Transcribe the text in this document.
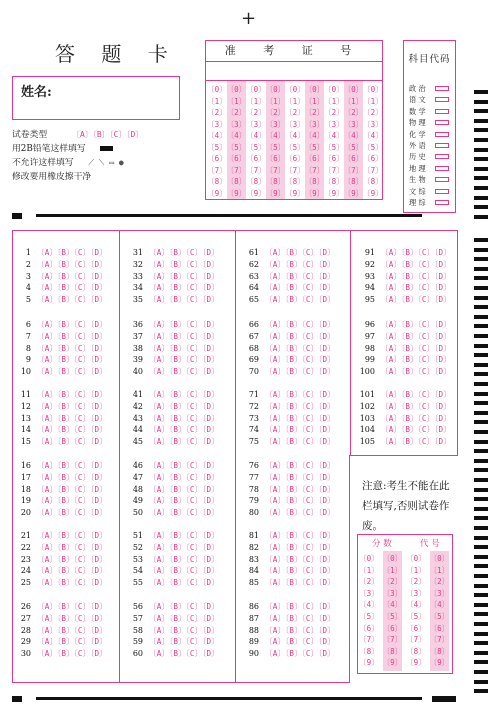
+
答 题 卡
姓名:
准 考 证 号
〔0〕
〔1〕
〔2〕
〔3〕
〔4〕
〔5〕
〔6〕
〔7〕
〔8〕
〔9〕
〔0〕
〔1〕
〔2〕
〔3〕
〔4〕
〔5〕
〔6〕
〔7〕
〔8〕
〔9〕
〔0〕
〔1〕
〔2〕
〔3〕
〔4〕
〔5〕
〔6〕
〔7〕
〔8〕
〔9〕
〔0〕
〔1〕
〔2〕
〔3〕
〔4〕
〔5〕
〔6〕
〔7〕
〔8〕
〔9〕
〔0〕
〔1〕
〔2〕
〔3〕
〔4〕
〔5〕
〔6〕
〔7〕
〔8〕
〔9〕
〔0〕
〔1〕
〔2〕
〔3〕
〔4〕
〔5〕
〔6〕
〔7〕
〔8〕
〔9〕
〔0〕
〔1〕
〔2〕
〔3〕
〔4〕
〔5〕
〔6〕
〔7〕
〔8〕
〔9〕
〔0〕
〔1〕
〔2〕
〔3〕
〔4〕
〔5〕
〔6〕
〔7〕
〔8〕
〔9〕
〔0〕
〔1〕
〔2〕
〔3〕
〔4〕
〔5〕
〔6〕
〔7〕
〔8〕
〔9〕
科目代码
政 治
语 文
数 学
物 理
化 学
外 语
历 史
地 理
生 物
文 综
理 综
试卷类型	〔A〕〔B〕〔C〕〔D〕
用2B铅笔这样填写
不允许这样填写 ⟋ ⟍ ▭ ●
修改要用橡皮擦干净
1 〔A〕〔B〕〔C〕〔D〕
2 〔A〕〔B〕〔C〕〔D〕
3 〔A〕〔B〕〔C〕〔D〕
4 〔A〕〔B〕〔C〕〔D〕
5 〔A〕〔B〕〔C〕〔D〕
6 〔A〕〔B〕〔C〕〔D〕
7 〔A〕〔B〕〔C〕〔D〕
8 〔A〕〔B〕〔C〕〔D〕
9 〔A〕〔B〕〔C〕〔D〕
10 〔A〕〔B〕〔C〕〔D〕
11 〔A〕〔B〕〔C〕〔D〕
12 〔A〕〔B〕〔C〕〔D〕
13 〔A〕〔B〕〔C〕〔D〕
14 〔A〕〔B〕〔C〕〔D〕
15 〔A〕〔B〕〔C〕〔D〕
16 〔A〕〔B〕〔C〕〔D〕
17 〔A〕〔B〕〔C〕〔D〕
18 〔A〕〔B〕〔C〕〔D〕
19 〔A〕〔B〕〔C〕〔D〕
20 〔A〕〔B〕〔C〕〔D〕
21 〔A〕〔B〕〔C〕〔D〕
22 〔A〕〔B〕〔C〕〔D〕
23 〔A〕〔B〕〔C〕〔D〕
24 〔A〕〔B〕〔C〕〔D〕
25 〔A〕〔B〕〔C〕〔D〕
26 〔A〕〔B〕〔C〕〔D〕
27 〔A〕〔B〕〔C〕〔D〕
28 〔A〕〔B〕〔C〕〔D〕
29 〔A〕〔B〕〔C〕〔D〕
30 〔A〕〔B〕〔C〕〔D〕
31 〔A〕〔B〕〔C〕〔D〕
32 〔A〕〔B〕〔C〕〔D〕
33 〔A〕〔B〕〔C〕〔D〕
34 〔A〕〔B〕〔C〕〔D〕
35 〔A〕〔B〕〔C〕〔D〕
36 〔A〕〔B〕〔C〕〔D〕
37 〔A〕〔B〕〔C〕〔D〕
38 〔A〕〔B〕〔C〕〔D〕
39 〔A〕〔B〕〔C〕〔D〕
40 〔A〕〔B〕〔C〕〔D〕
41 〔A〕〔B〕〔C〕〔D〕
42 〔A〕〔B〕〔C〕〔D〕
43 〔A〕〔B〕〔C〕〔D〕
44 〔A〕〔B〕〔C〕〔D〕
45 〔A〕〔B〕〔C〕〔D〕
46 〔A〕〔B〕〔C〕〔D〕
47 〔A〕〔B〕〔C〕〔D〕
48 〔A〕〔B〕〔C〕〔D〕
49 〔A〕〔B〕〔C〕〔D〕
50 〔A〕〔B〕〔C〕〔D〕
51 〔A〕〔B〕〔C〕〔D〕
52 〔A〕〔B〕〔C〕〔D〕
53 〔A〕〔B〕〔C〕〔D〕
54 〔A〕〔B〕〔C〕〔D〕
55 〔A〕〔B〕〔C〕〔D〕
56 〔A〕〔B〕〔C〕〔D〕
57 〔A〕〔B〕〔C〕〔D〕
58 〔A〕〔B〕〔C〕〔D〕
59 〔A〕〔B〕〔C〕〔D〕
60 〔A〕〔B〕〔C〕〔D〕
61 〔A〕〔B〕〔C〕〔D〕
62 〔A〕〔B〕〔C〕〔D〕
63 〔A〕〔B〕〔C〕〔D〕
64 〔A〕〔B〕〔C〕〔D〕
65 〔A〕〔B〕〔C〕〔D〕
66 〔A〕〔B〕〔C〕〔D〕
67 〔A〕〔B〕〔C〕〔D〕
68 〔A〕〔B〕〔C〕〔D〕
69 〔A〕〔B〕〔C〕〔D〕
70 〔A〕〔B〕〔C〕〔D〕
71 〔A〕〔B〕〔C〕〔D〕
72 〔A〕〔B〕〔C〕〔D〕
73 〔A〕〔B〕〔C〕〔D〕
74 〔A〕〔B〕〔C〕〔D〕
75 〔A〕〔B〕〔C〕〔D〕
76 〔A〕〔B〕〔C〕〔D〕
77 〔A〕〔B〕〔C〕〔D〕
78 〔A〕〔B〕〔C〕〔D〕
79 〔A〕〔B〕〔C〕〔D〕
80 〔A〕〔B〕〔C〕〔D〕
81 〔A〕〔B〕〔C〕〔D〕
82 〔A〕〔B〕〔C〕〔D〕
83 〔A〕〔B〕〔C〕〔D〕
84 〔A〕〔B〕〔C〕〔D〕
85 〔A〕〔B〕〔C〕〔D〕
86 〔A〕〔B〕〔C〕〔D〕
87 〔A〕〔B〕〔C〕〔D〕
88 〔A〕〔B〕〔C〕〔D〕
89 〔A〕〔B〕〔C〕〔D〕
90 〔A〕〔B〕〔C〕〔D〕
91 〔A〕〔B〕〔C〕〔D〕
92 〔A〕〔B〕〔C〕〔D〕
93 〔A〕〔B〕〔C〕〔D〕
94 〔A〕〔B〕〔C〕〔D〕
95 〔A〕〔B〕〔C〕〔D〕
96 〔A〕〔B〕〔C〕〔D〕
97 〔A〕〔B〕〔C〕〔D〕
98 〔A〕〔B〕〔C〕〔D〕
99 〔A〕〔B〕〔C〕〔D〕
100 〔A〕〔B〕〔C〕〔D〕
101 〔A〕〔B〕〔C〕〔D〕
102 〔A〕〔B〕〔C〕〔D〕
103 〔A〕〔B〕〔C〕〔D〕
104 〔A〕〔B〕〔C〕〔D〕
105 〔A〕〔B〕〔C〕〔D〕
注意:考生不能在此栏填写,否则试卷作废。
分 数	代 号
〔0〕
〔1〕
〔2〕
〔3〕
〔4〕
〔5〕
〔6〕
〔7〕
〔8〕
〔9〕
〔0〕
〔1〕
〔2〕
〔3〕
〔4〕
〔5〕
〔6〕
〔7〕
〔8〕
〔9〕
〔0〕
〔1〕
〔2〕
〔3〕
〔4〕
〔5〕
〔6〕
〔7〕
〔8〕
〔9〕
〔0〕
〔1〕
〔2〕
〔3〕
〔4〕
〔5〕
〔6〕
〔7〕
〔8〕
〔9〕
